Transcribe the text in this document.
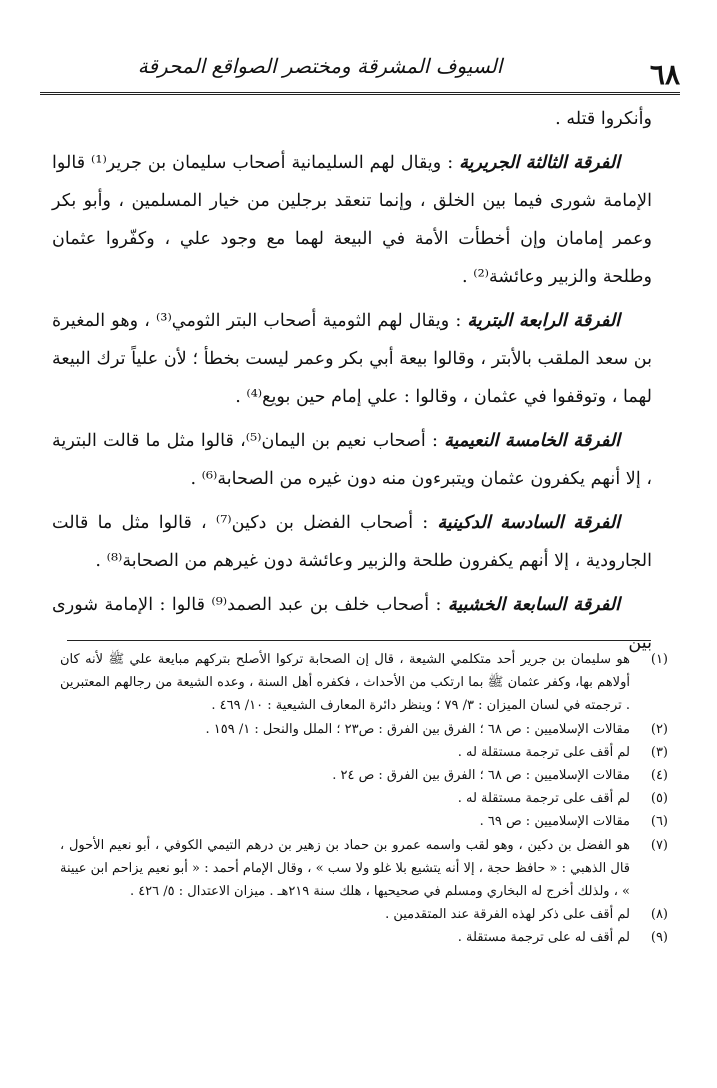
٦٨
السيوف المشرقة ومختصر الصواقع المحرقة

وأنكروا قتله .

الفرقة الثالثة الجريرية : ويقال لهم السليمانية أصحاب سليمان بن جرير⁽¹⁾ قالوا الإمامة شورى فيما بين الخلق ، وإنما تنعقد برجلين من خيار المسلمين ، وأبو بكر وعمر إمامان وإن أخطأت الأمة في البيعة لهما مع وجود علي ، وكفّروا عثمان وطلحة والزبير وعائشة⁽²⁾ .

الفرقة الرابعة البترية : ويقال لهم الثومية أصحاب البتر الثومي⁽³⁾ ، وهو المغيرة بن سعد الملقب بالأبتر ، وقالوا بيعة أبي بكر وعمر ليست بخطأ ؛ لأن علياً ترك البيعة لهما ، وتوقفوا في عثمان ، وقالوا : علي إمام حين بويع⁽⁴⁾ .

الفرقة الخامسة النعيمية : أصحاب نعيم بن اليمان⁽⁵⁾، قالوا مثل ما قالت البترية ، إلا أنهم يكفرون عثمان ويتبرءون منه دون غيره من الصحابة⁽⁶⁾ .

الفرقة السادسة الدكينية : أصحاب الفضل بن دكين⁽⁷⁾ ، قالوا مثل ما قالت الجارودية ، إلا أنهم يكفرون طلحة والزبير وعائشة دون غيرهم من الصحابة⁽⁸⁾ .

الفرقة السابعة الخشبية : أصحاب خلف بن عبد الصمد⁽⁹⁾ قالوا : الإمامة شورى بين

(١)
هو سليمان بن جرير أحد متكلمي الشيعة ، قال إن الصحابة تركوا الأصلح بتركهم مبايعة علي ﷺ لأنه كان أولاهم بها، وكفر عثمان ﷺ بما ارتكب من الأحداث ، فكفره أهل السنة ، وعده الشيعة من رجالهم المعتبرين . ترجمته في لسان الميزان : ٣/ ٧٩ ؛ وينظر دائرة المعارف الشيعية : ١٠/ ٤٦٩ .

(٢)
مقالات الإسلاميين : ص ٦٨ ؛ الفرق بين الفرق : ص٢٣ ؛ الملل والنحل : ١/ ١٥٩ .

(٣)
لم أقف على ترجمة مستقلة له .

(٤)
مقالات الإسلاميين : ص ٦٨ ؛ الفرق بين الفرق : ص ٢٤ .

(٥)
لم أقف على ترجمة مستقلة له .

(٦)
مقالات الإسلاميين : ص ٦٩ .

(٧)
هو الفضل بن دكين ، وهو لقب واسمه عمرو بن حماد بن زهير بن درهم التيمي الكوفي ، أبو نعيم الأحول ، قال الذهبي : « حافظ حجة ، إلا أنه يتشيع بلا غلو ولا سب » ، وقال الإمام أحمد : « أبو نعيم يزاحم ابن عيينة » ، ولذلك أخرج له البخاري ومسلم في صحيحيها ، هلك سنة ٢١٩هـ . ميزان الاعتدال : ٥/ ٤٢٦ .

(٨)
لم أقف على ذكر لهذه الفرقة عند المتقدمين .

(٩)
لم أقف له على ترجمة مستقلة .
